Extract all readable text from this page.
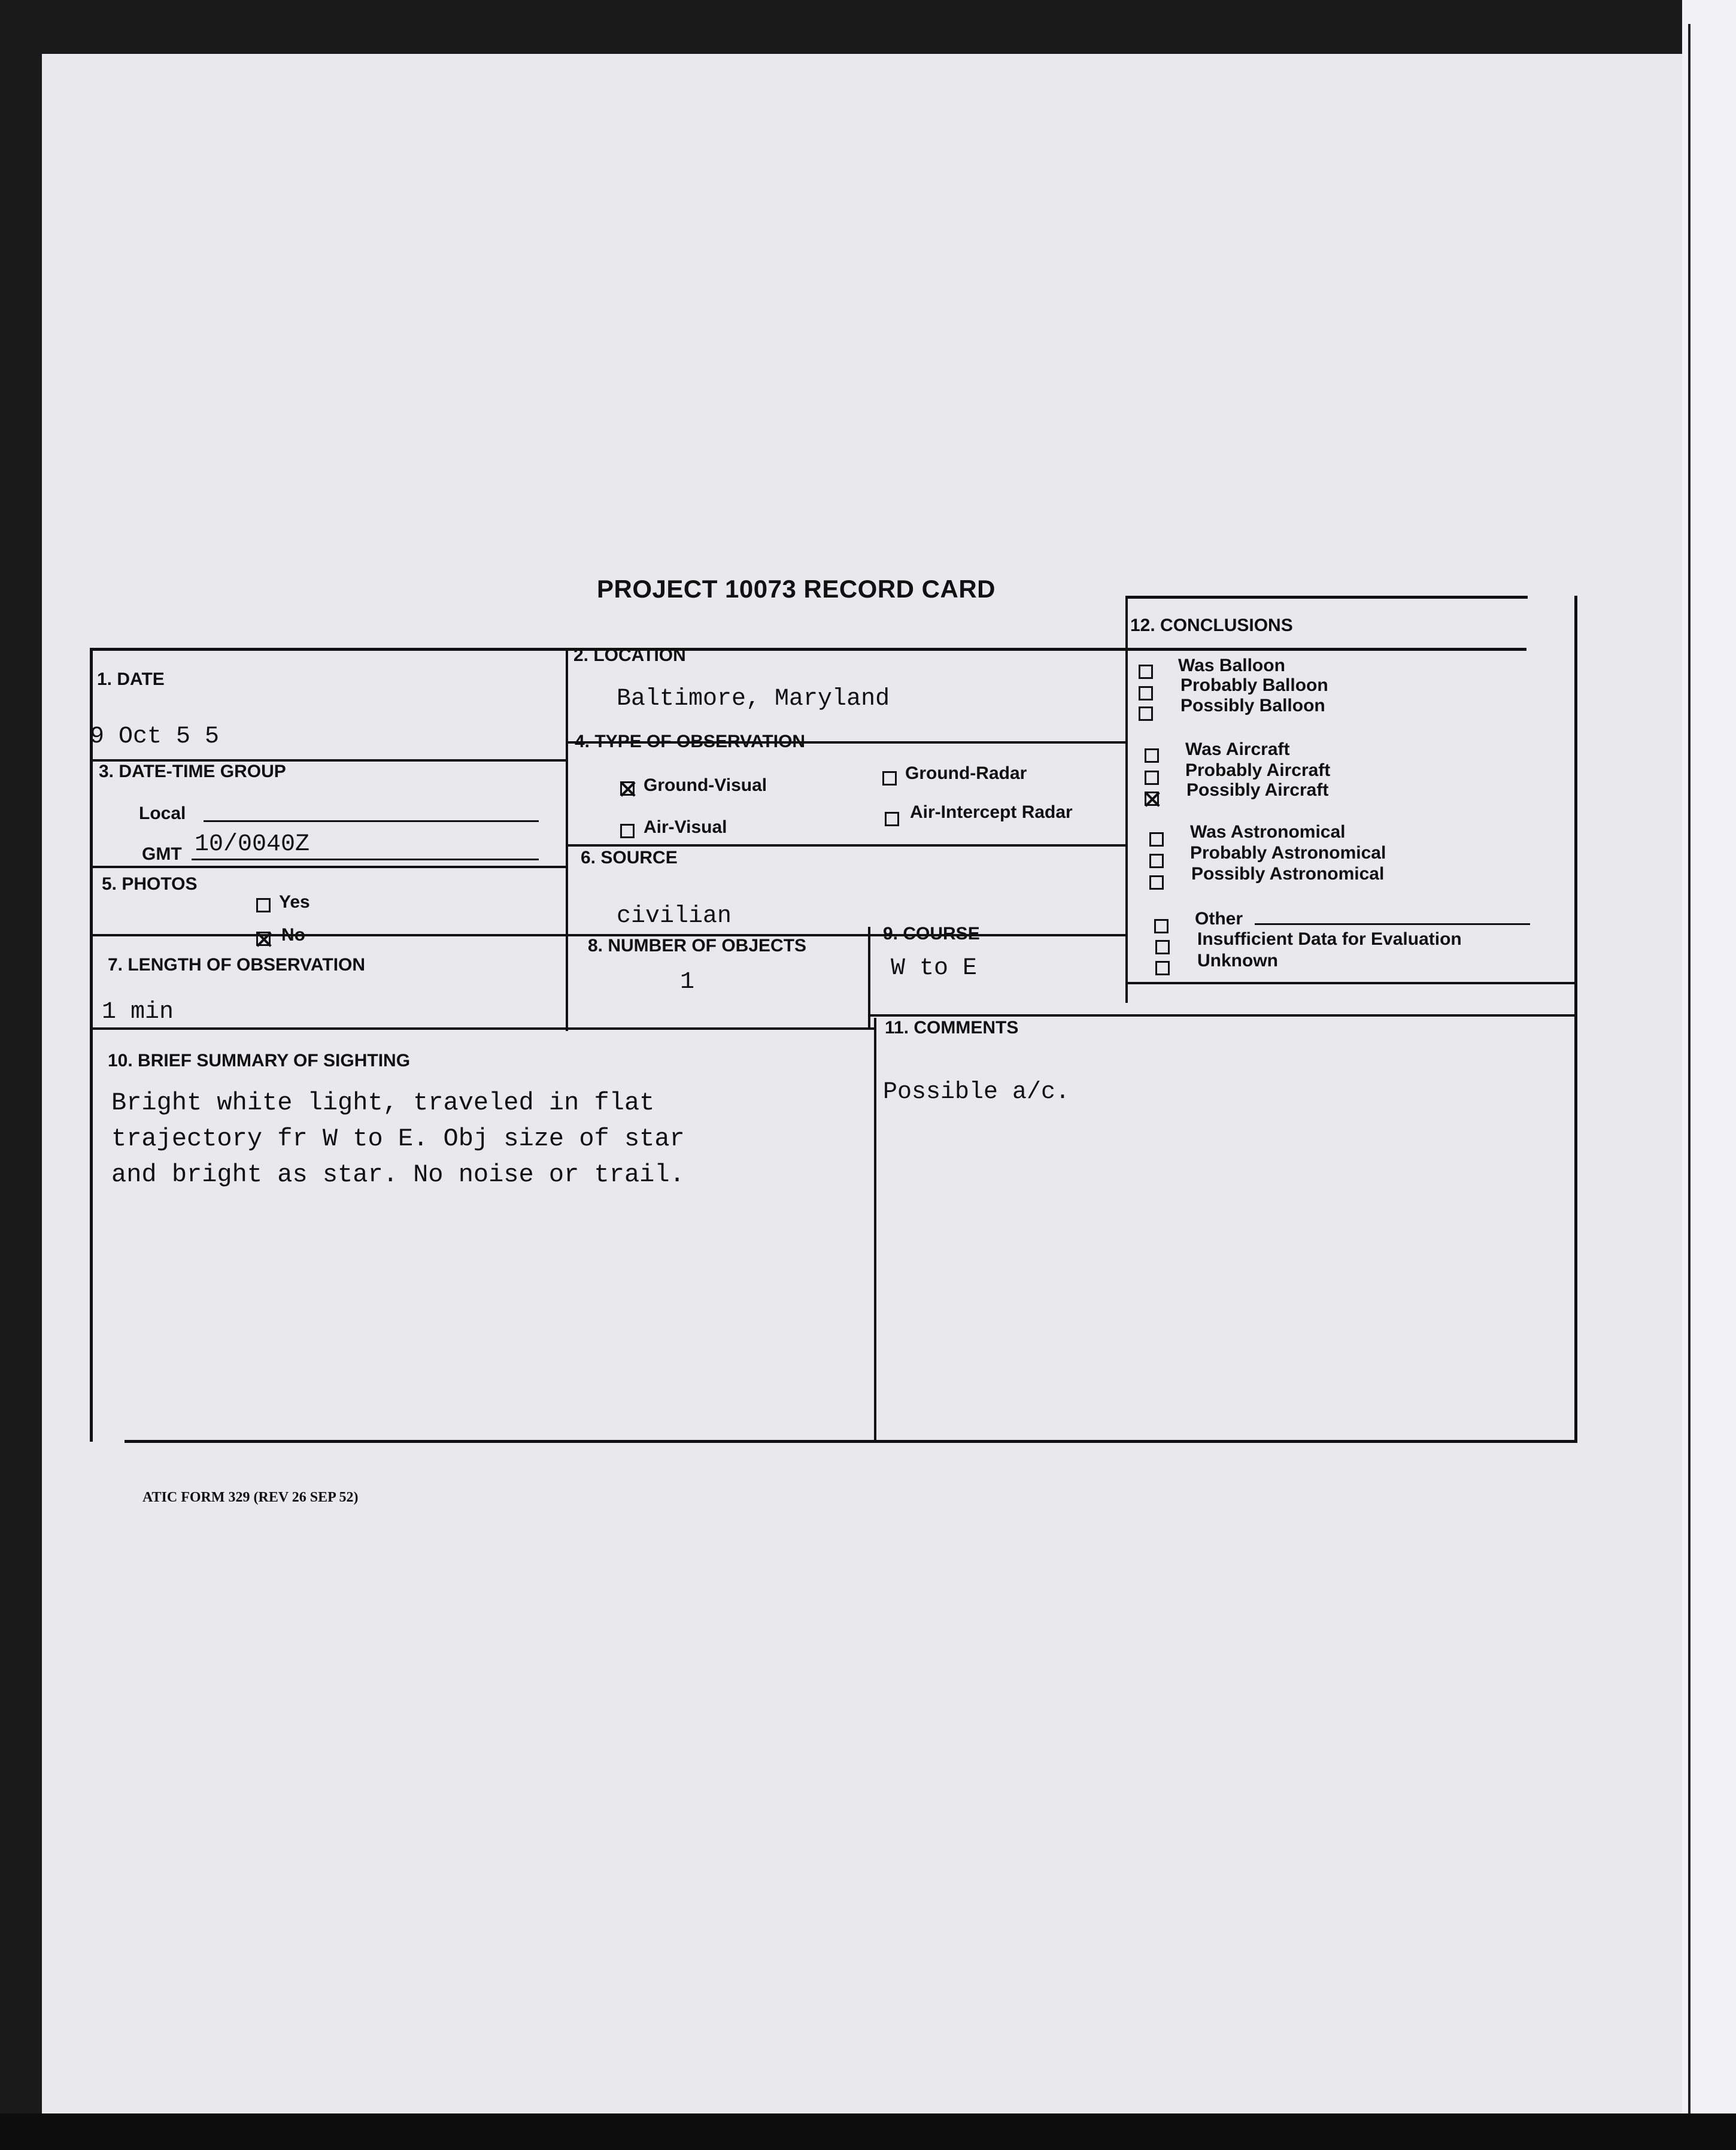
PROJECT 10073 RECORD CARD
1. DATE
9 Oct 5 5
2. LOCATION
Baltimore, Maryland
3. DATE-TIME GROUP
Local
GMT 10/0040Z
4. TYPE OF OBSERVATION
Ground-Visual
Ground-Radar
Air-Visual
Air-Intercept Radar
5. PHOTOS
Yes
No
6. SOURCE
civilian
7. LENGTH OF OBSERVATION
1 min
8. NUMBER OF OBJECTS
1
9. COURSE
W to E
10. BRIEF SUMMARY OF SIGHTING
Bright white light, traveled in flat
trajectory fr W to E. Obj size of star
and bright as star. No noise or trail.
11. COMMENTS
Possible a/c.
12. CONCLUSIONS
Was Balloon
Probably Balloon
Possibly Balloon
Was Aircraft
Probably Aircraft
Possibly Aircraft
Was Astronomical
Probably Astronomical
Possibly Astronomical
Other
Insufficient Data for Evaluation
Unknown
ATIC FORM 329 (REV 26 SEP 52)
